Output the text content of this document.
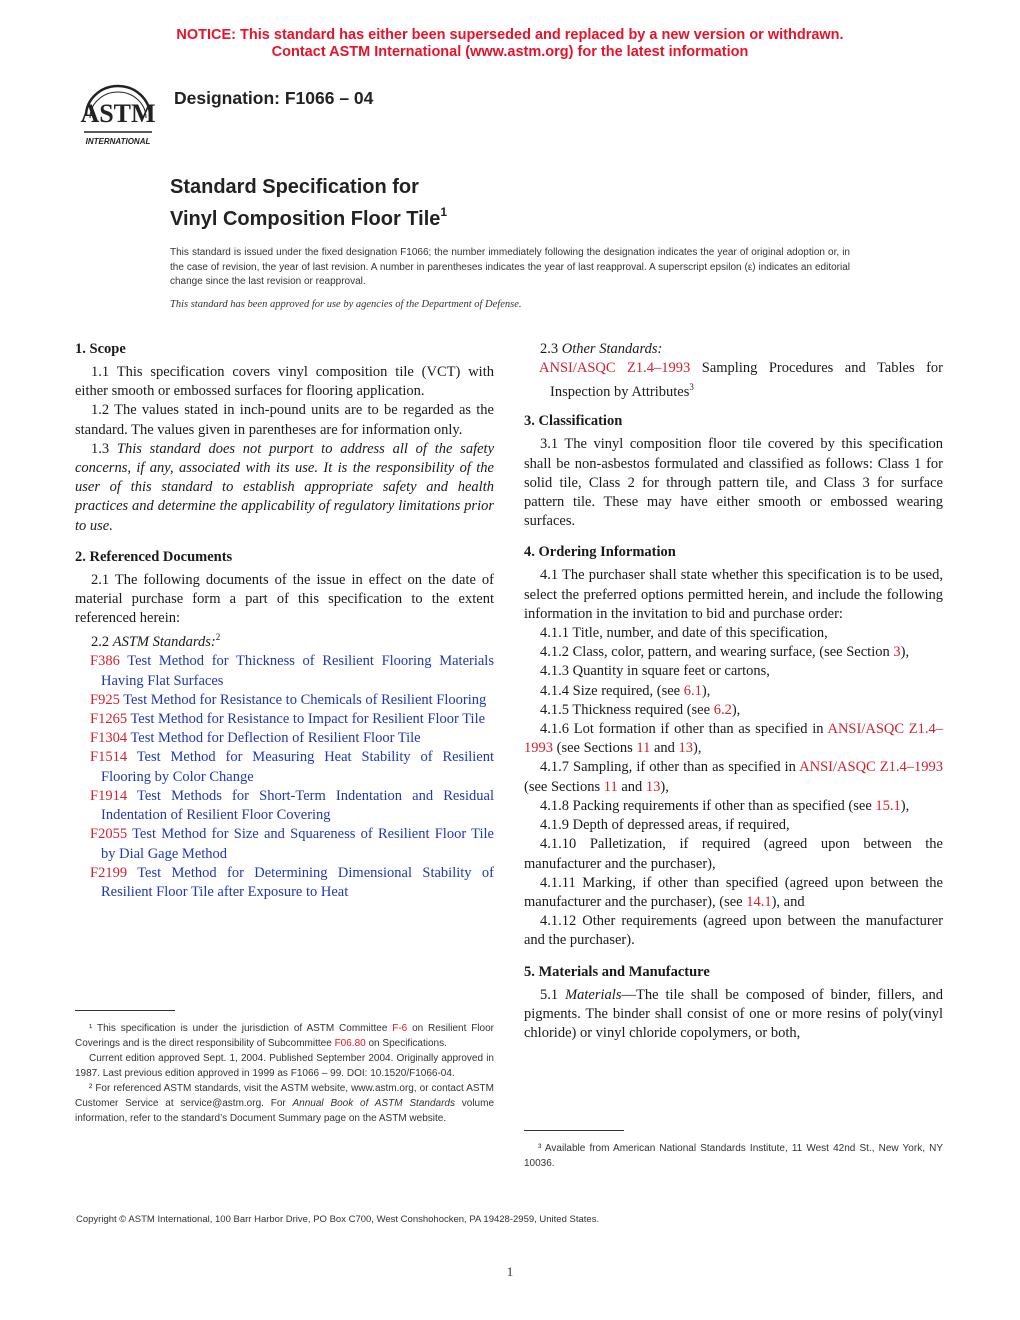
NOTICE: This standard has either been superseded and replaced by a new version or withdrawn.
Contact ASTM International (www.astm.org) for the latest information
ASTM
INTERNATIONAL
Designation: F1066 – 04
Standard Specification for
Vinyl Composition Floor Tile$^1$

This standard is issued under the fixed designation F1066; the number immediately following the designation indicates the year of original adoption or, in the case of revision, the year of last revision. A number in parentheses indicates the year of last reapproval. A superscript epsilon (ε) indicates an editorial change since the last revision or reapproval.

This standard has been approved for use by agencies of the Department of Defense.

1. Scope

1.1 This specification covers vinyl composition tile (VCT) with either smooth or embossed surfaces for flooring application.

1.2 The values stated in inch-pound units are to be regarded as the standard. The values given in parentheses are for information only.

1.3 This standard does not purport to address all of the safety concerns, if any, associated with its use. It is the responsibility of the user of this standard to establish appropriate safety and health practices and determine the applicability of regulatory limitations prior to use.

2. Referenced Documents

2.1 The following documents of the issue in effect on the date of material purchase form a part of this specification to the extent referenced herein:

2.2 ASTM Standards:$^2$

F386 Test Method for Thickness of Resilient Flooring Materials Having Flat Surfaces

F925 Test Method for Resistance to Chemicals of Resilient Flooring

F1265 Test Method for Resistance to Impact for Resilient Floor Tile

F1304 Test Method for Deflection of Resilient Floor Tile

F1514 Test Method for Measuring Heat Stability of Resilient Flooring by Color Change

F1914 Test Methods for Short-Term Indentation and Residual Indentation of Resilient Floor Covering

F2055 Test Method for Size and Squareness of Resilient Floor Tile by Dial Gage Method

F2199 Test Method for Determining Dimensional Stability of Resilient Floor Tile after Exposure to Heat

¹ This specification is under the jurisdiction of ASTM Committee F-6 on Resilient Floor Coverings and is the direct responsibility of Subcommittee F06.80 on Specifications.

Current edition approved Sept. 1, 2004. Published September 2004. Originally approved in 1987. Last previous edition approved in 1999 as F1066 – 99. DOI: 10.1520/F1066-04.

² For referenced ASTM standards, visit the ASTM website, www.astm.org, or contact ASTM Customer Service at service@astm.org. For Annual Book of ASTM Standards volume information, refer to the standard’s Document Summary page on the ASTM website.

2.3 Other Standards:

ANSI/ASQC Z1.4–1993 Sampling Procedures and Tables for Inspection by Attributes$^3$

3. Classification

3.1 The vinyl composition floor tile covered by this specification shall be non-asbestos formulated and classified as follows: Class 1 for solid tile, Class 2 for through pattern tile, and Class 3 for surface pattern tile. These may have either smooth or embossed wearing surfaces.

4. Ordering Information

4.1 The purchaser shall state whether this specification is to be used, select the preferred options permitted herein, and include the following information in the invitation to bid and purchase order:

4.1.1 Title, number, and date of this specification,

4.1.2 Class, color, pattern, and wearing surface, (see Section 3),

4.1.3 Quantity in square feet or cartons,

4.1.4 Size required, (see 6.1),

4.1.5 Thickness required (see 6.2),

4.1.6 Lot formation if other than as specified in ANSI/ASQC Z1.4–1993 (see Sections 11 and 13),

4.1.7 Sampling, if other than as specified in ANSI/ASQC Z1.4–1993 (see Sections 11 and 13),

4.1.8 Packing requirements if other than as specified (see 15.1),

4.1.9 Depth of depressed areas, if required,

4.1.10 Palletization, if required (agreed upon between the manufacturer and the purchaser),

4.1.11 Marking, if other than specified (agreed upon between the manufacturer and the purchaser), (see 14.1), and

4.1.12 Other requirements (agreed upon between the manufacturer and the purchaser).

5. Materials and Manufacture

5.1 Materials—The tile shall be composed of binder, fillers, and pigments. The binder shall consist of one or more resins of poly(vinyl chloride) or vinyl chloride copolymers, or both,

³ Available from American National Standards Institute, 11 West 42nd St., New York, NY 10036.

Copyright © ASTM International, 100 Barr Harbor Drive, PO Box C700, West Conshohocken, PA 19428-2959, United States.
1
